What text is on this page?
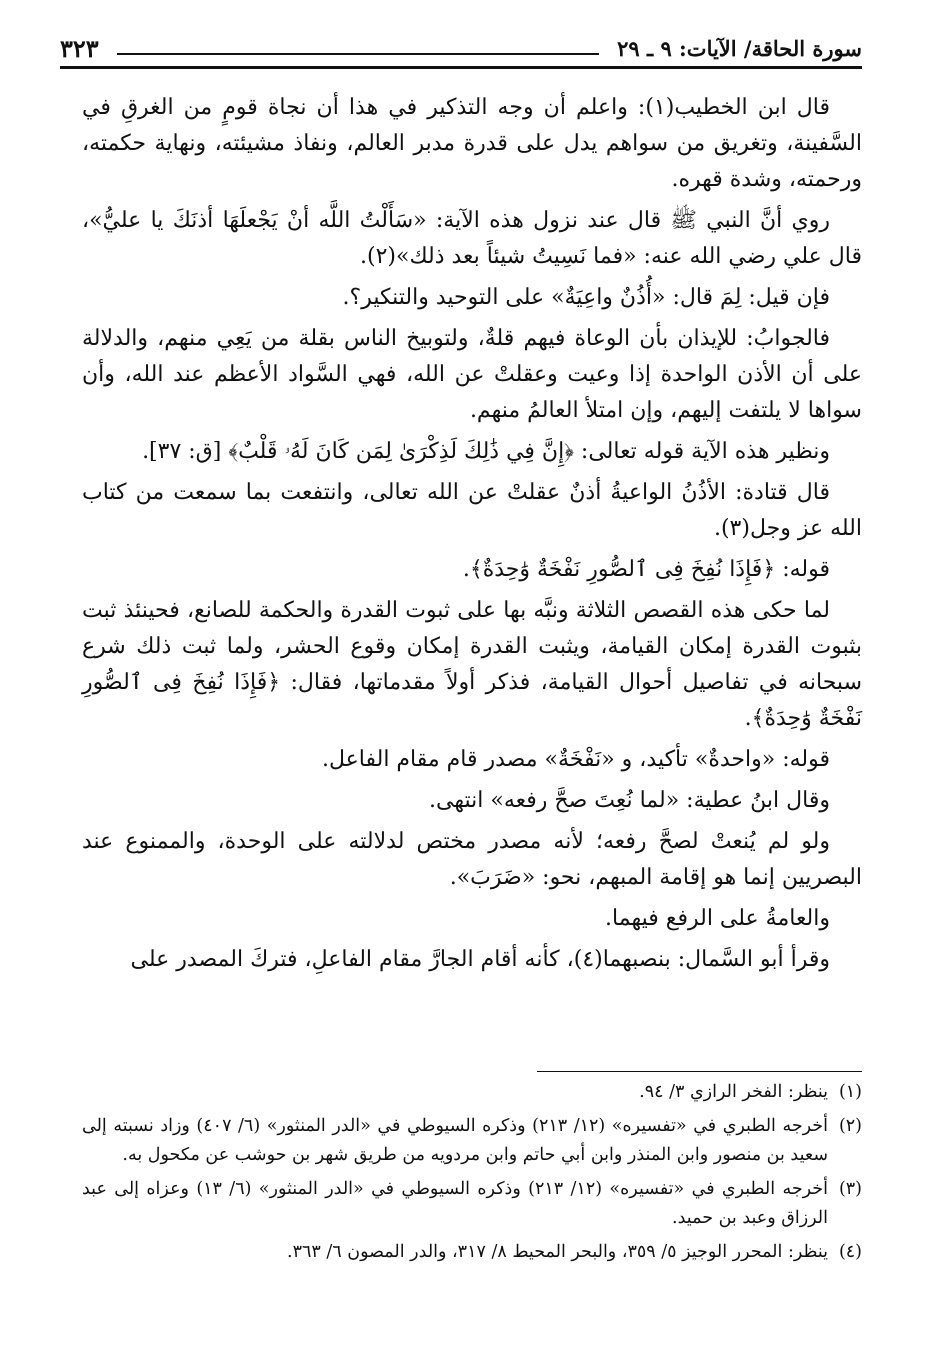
سورة الحاقة/ الآيات: ٩ ـ ٢٩
٣٢٣

قال ابن الخطيب(١): واعلم أن وجه التذكير في هذا أن نجاة قومٍ من الغرقِ في السَّفينة، وتغريق من سواهم يدل على قدرة مدبر العالم، ونفاذ مشيئته، ونهاية حكمته، ورحمته، وشدة قهره.

روي أنَّ النبي ﷺ قال عند نزول هذه الآية: «سَأَلْتُ اللَّه أنْ يَجْعلَهَا أذنَكَ يا عليُّ»، قال علي رضي الله عنه: «فما نَسِيتُ شيئاً بعد ذلك»(٢).

فإن قيل: لِمَ قال: «أُذُنٌ واعِيَةٌ» على التوحيد والتنكير؟.

فالجوابُ: للإيذان بأن الوعاة فيهم قلةٌ، ولتوبيخ الناس بقلة من يَعِي منهم، والدلالة على أن الأذن الواحدة إذا وعيت وعقلتْ عن الله، فهي السَّواد الأعظم عند الله، وأن سواها لا يلتفت إليهم، وإن امتلأ العالمُ منهم.

ونظير هذه الآية قوله تعالى: ﴿إِنَّ فِي ذَٰلِكَ لَذِكْرَىٰ لِمَن كَانَ لَهُۥ قَلْبٌ﴾ [ق: ٣٧].

قال قتادة: الأذُنُ الواعيةُ أذنٌ عقلتْ عن الله تعالى، وانتفعت بما سمعت من كتاب الله عز وجل(٣).

قوله: ﴿فَإِذَا نُفِخَ فِى ٱلصُّورِ نَفْخَةٌ وَٰحِدَةٌ﴾.

لما حكى هذه القصص الثلاثة ونبَّه بها على ثبوت القدرة والحكمة للصانع، فحينئذ ثبت بثبوت القدرة إمكان القيامة، ويثبت القدرة إمكان وقوع الحشر، ولما ثبت ذلك شرع سبحانه في تفاصيل أحوال القيامة، فذكر أولاً مقدماتها، فقال: ﴿فَإِذَا نُفِخَ فِى ٱلصُّورِ نَفْخَةٌ وَٰحِدَةٌ﴾.

قوله: «واحدةٌ» تأكيد، و «نَفْخَةٌ» مصدر قام مقام الفاعل.

وقال ابنُ عطية: «لما نُعِتَ صحَّ رفعه» انتهى.

ولو لم يُنعتْ لصحَّ رفعه؛ لأنه مصدر مختص لدلالته على الوحدة، والممنوع عند البصريين إنما هو إقامة المبهم، نحو: «ضَرَبَ».

والعامةُ على الرفع فيهما.

وقرأ أبو السَّمال: بنصبهما(٤)، كأنه أقام الجارَّ مقام الفاعلِ، فتركَ المصدر على

(١)
ينظر: الفخر الرازي ٣/ ٩٤.
(٢)
أخرجه الطبري في «تفسيره» (١٢/ ٢١٣) وذكره السيوطي في «الدر المنثور» (٦/ ٤٠٧) وزاد نسبته إلى سعيد بن منصور وابن المنذر وابن أبي حاتم وابن مردويه من طريق شهر بن حوشب عن مكحول به.
(٣)
أخرجه الطبري في «تفسيره» (١٢/ ٢١٣) وذكره السيوطي في «الدر المنثور» (٦/ ١٣) وعزاه إلى عبد الرزاق وعبد بن حميد.
(٤)
ينظر: المحرر الوجيز ٥/ ٣٥٩، والبحر المحيط ٨/ ٣١٧، والدر المصون ٦/ ٣٦٣.
